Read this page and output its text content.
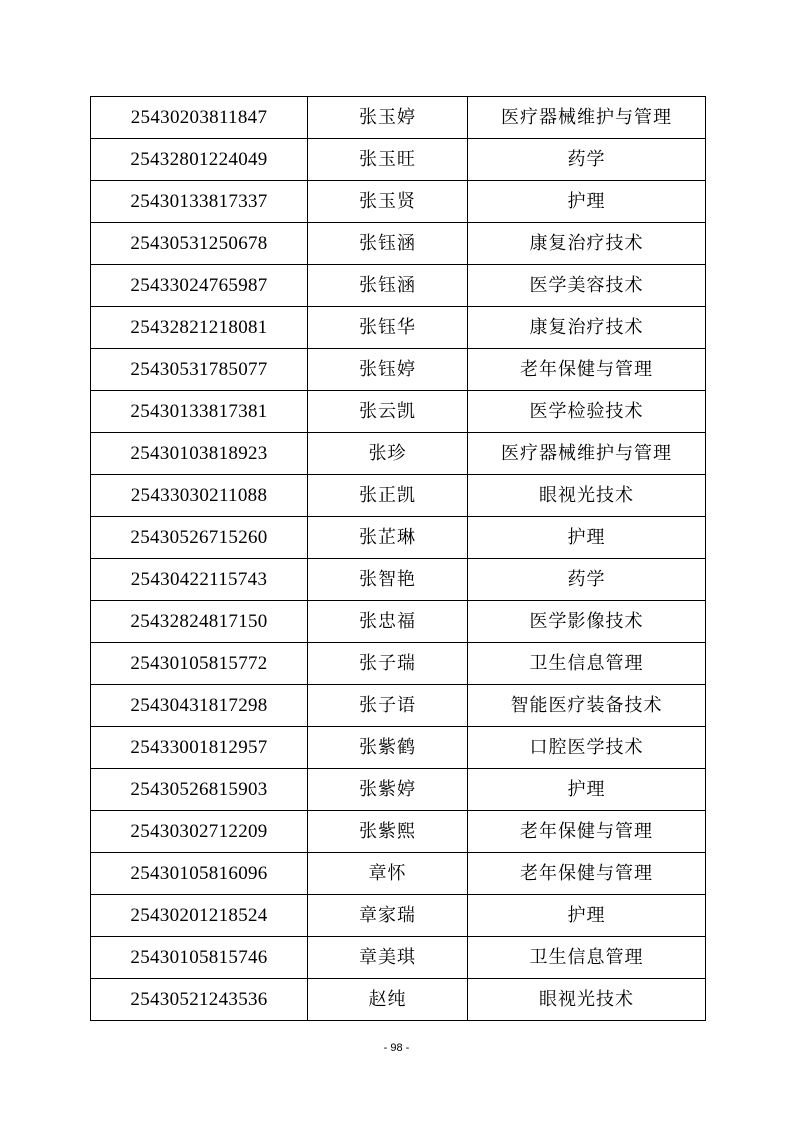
25430203811847	张玉婷	医疗器械维护与管理
25432801224049	张玉旺	药学
25430133817337	张玉贤	护理
25430531250678	张钰涵	康复治疗技术
25433024765987	张钰涵	医学美容技术
25432821218081	张钰华	康复治疗技术
25430531785077	张钰婷	老年保健与管理
25430133817381	张云凯	医学检验技术
25430103818923	张珍	医疗器械维护与管理
25433030211088	张正凯	眼视光技术
25430526715260	张芷琳	护理
25430422115743	张智艳	药学
25432824817150	张忠福	医学影像技术
25430105815772	张子瑞	卫生信息管理
25430431817298	张子语	智能医疗装备技术
25433001812957	张紫鹤	口腔医学技术
25430526815903	张紫婷	护理
25430302712209	张紫熙	老年保健与管理
25430105816096	章怀	老年保健与管理
25430201218524	章家瑞	护理
25430105815746	章美琪	卫生信息管理
25430521243536	赵纯	眼视光技术
- 98 -
